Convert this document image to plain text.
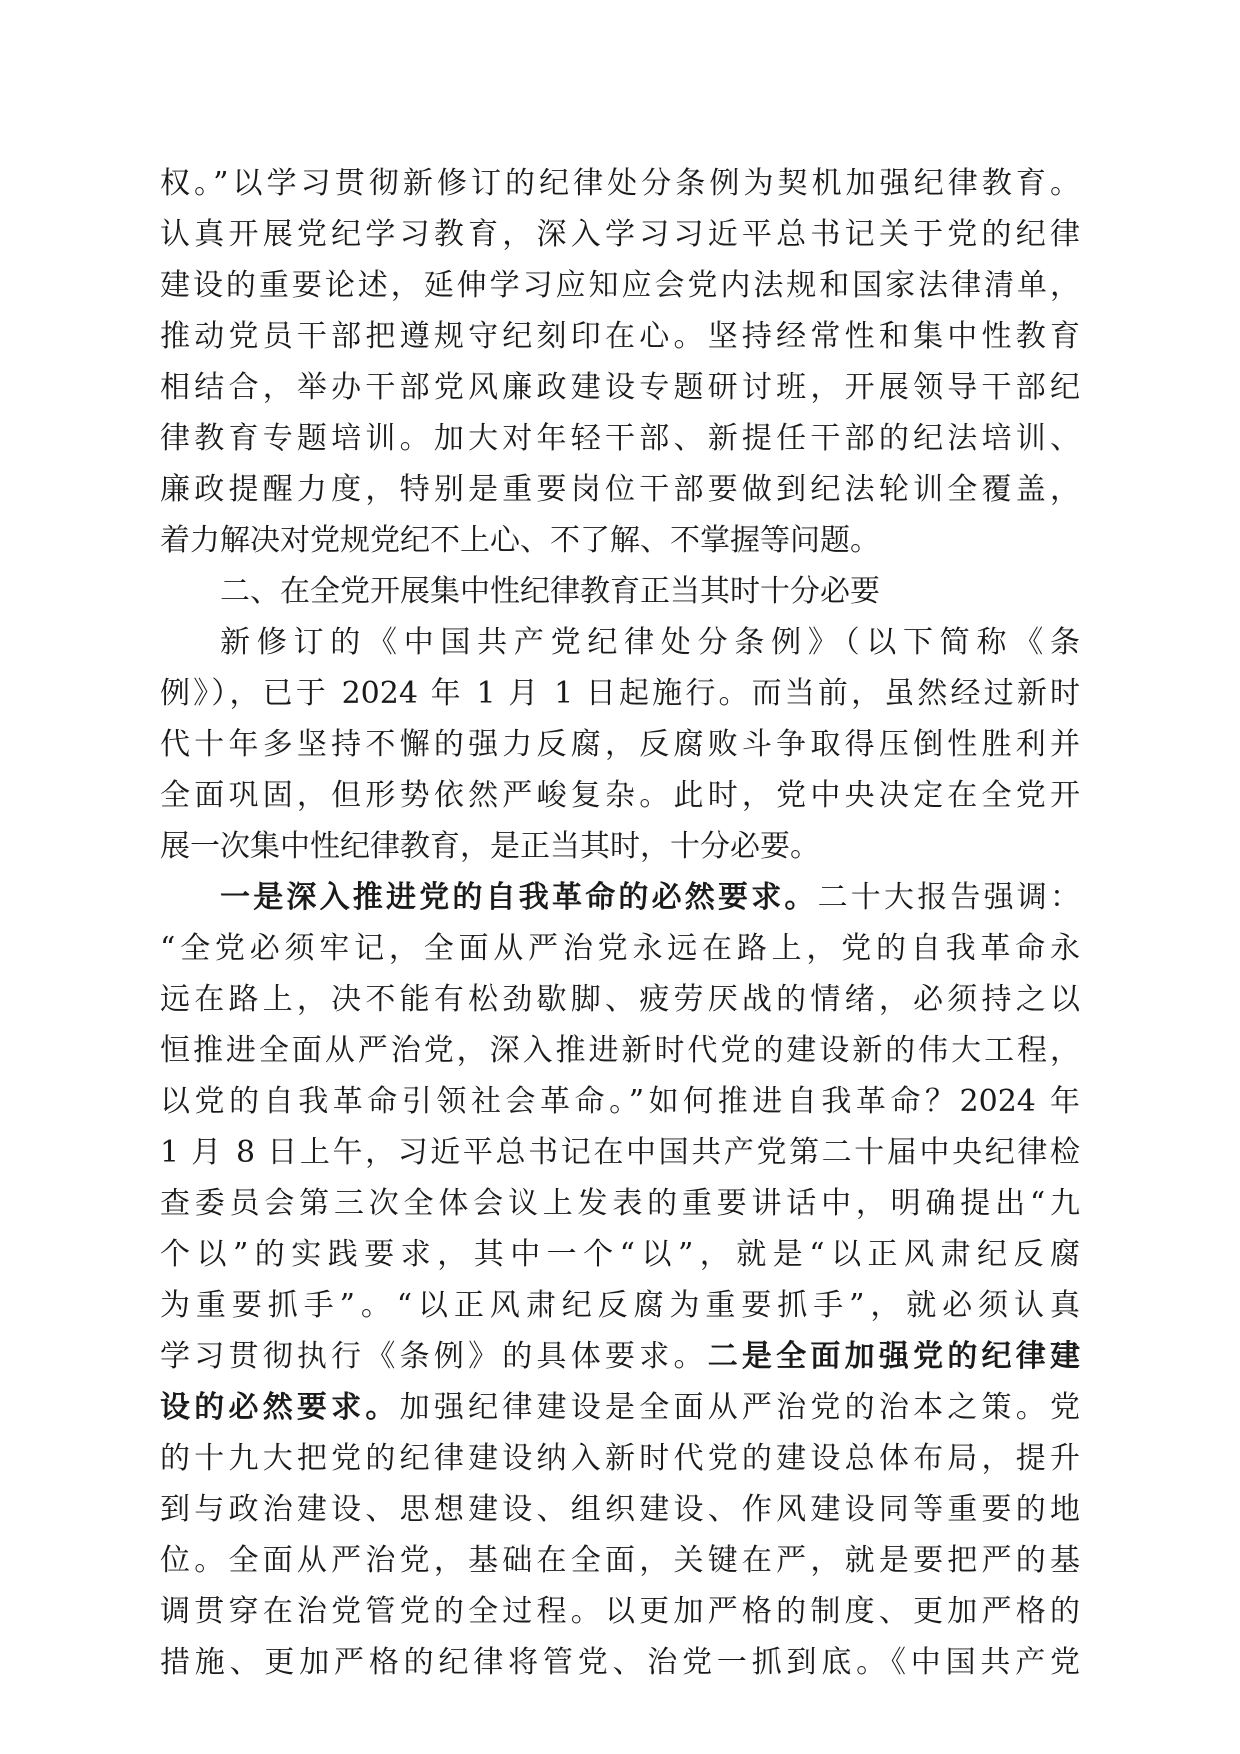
权。”以学习贯彻新修订的纪律处分条例为契机加强纪律教育。
认真开展党纪学习教育，深入学习习近平总书记关于党的纪律
建设的重要论述，延伸学习应知应会党内法规和国家法律清单，
推动党员干部把遵规守纪刻印在心。坚持经常性和集中性教育
相结合，举办干部党风廉政建设专题研讨班，开展领导干部纪
律教育专题培训。加大对年轻干部、新提任干部的纪法培训、
廉政提醒力度，特别是重要岗位干部要做到纪法轮训全覆盖，
着力解决对党规党纪不上心、不了解、不掌握等问题。
二、在全党开展集中性纪律教育正当其时十分必要
新修订的《中国共产党纪律处分条例》（以下简称《条
例》），已于 2024 年 1 月 1 日起施行。而当前，虽然经过新时
代十年多坚持不懈的强力反腐，反腐败斗争取得压倒性胜利并
全面巩固，但形势依然严峻复杂。此时，党中央决定在全党开
展一次集中性纪律教育，是正当其时，十分必要。
一是深入推进党的自我革命的必然要求。二十大报告强调：
“全党必须牢记，全面从严治党永远在路上，党的自我革命永
远在路上，决不能有松劲歇脚、疲劳厌战的情绪，必须持之以
恒推进全面从严治党，深入推进新时代党的建设新的伟大工程，
以党的自我革命引领社会革命。”如何推进自我革命？2024 年
1 月 8 日上午，习近平总书记在中国共产党第二十届中央纪律检
查委员会第三次全体会议上发表的重要讲话中，明确提出“九
个以”的实践要求，其中一个“以”，就是“以正风肃纪反腐
为重要抓手”。“以正风肃纪反腐为重要抓手”，就必须认真
学习贯彻执行《条例》的具体要求。二是全面加强党的纪律建
设的必然要求。加强纪律建设是全面从严治党的治本之策。党
的十九大把党的纪律建设纳入新时代党的建设总体布局，提升
到与政治建设、思想建设、组织建设、作风建设同等重要的地
位。全面从严治党，基础在全面，关键在严，就是要把严的基
调贯穿在治党管党的全过程。以更加严格的制度、更加严格的
措施、更加严格的纪律将管党、治党一抓到底。《中国共产党
